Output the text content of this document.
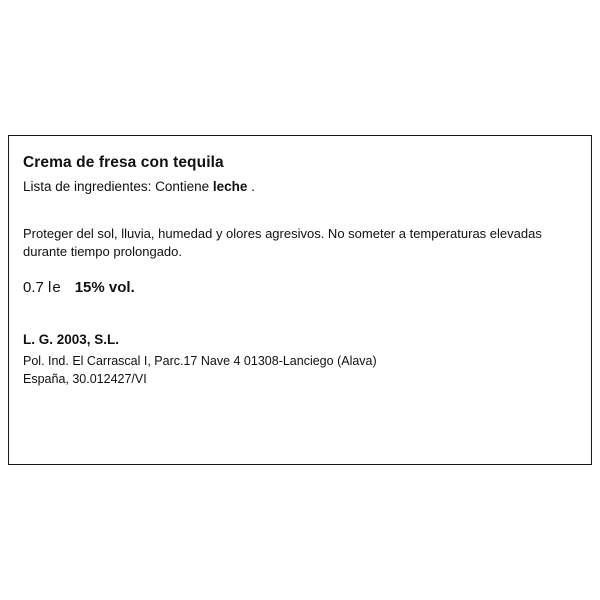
Crema de fresa con tequila
Lista de ingredientes: Contiene leche .
Proteger del sol, lluvia, humedad y olores agresivos. No someter a temperaturas elevadas durante tiempo prolongado.
0.7 l e 15% vol.
L. G. 2003, S.L.
Pol. Ind. El Carrascal I, Parc.17 Nave 4 01308-Lanciego (Alava)
España, 30.012427/VI
